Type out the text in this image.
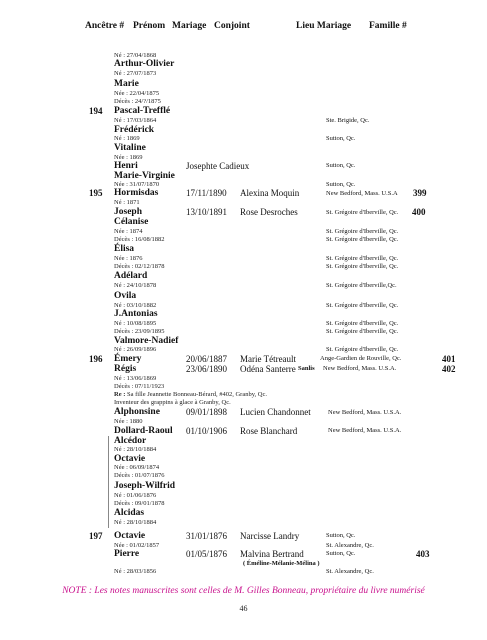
Ancêtre # Prénom Mariage Conjoint	Lieu Mariage Famille #
Né : 27/04/1868
Arthur-Olivier
Né : 27/07/1873
Marie
Née : 22/04/1875
Décès : 24/?/1875
194 Pascal-Trefflé
Né : 17/03/1864	Ste. Brigide, Qc.
Frédérick
Né : 1869	Sutton, Qc.
Vitaline
Née : 1869
Henri	Josephte Cadieux	Sutton, Qc.
Marie-Virginie
Née : 31/07/1870	Sutton, Qc.
195 Hormisdas	17/11/1890 Alexina Moquin	New Bedford, Mass. U.S.A 399
Né : 1871
Joseph	13/10/1891 Rose Desroches	St. Grégoire d'Iberville, Qc. 400
Célanise
Née : 1874	St. Grégoire d'Iberville, Qc.
Décès : 16/08/1882	St. Grégoire d'Iberville, Qc.
Élisa
Née : 1876	St. Grégoire d'Iberville, Qc.
Décès : 02/12/1878	St. Grégoire d'Iberville, Qc.
Adélard
Né : 24/10/1878	St. Grégoire d'Iberville,Qc.
Ovila
Né : 03/10/1882	St. Grégoire d'Iberville, Qc.
J.Antonias
Né : 10/08/1895	St. Grégoire d'Iberville, Qc.
Décès : 23/09/1895	St. Grégoire d'Iberville, Qc.
Valmore-Nadief
Né : 26/09/1896	St. Grégoire d'Iberville, Qc.
196 Émery	20/06/1887 Marie Tétreault	Ange-Gardien de Rouville, Qc.	401
Régis	23/06/1890 Odéna Santerre Sanlis New Bedford, Mass. U.S.A.	402
Né : 13/06/1869
Décès : 07/11/1923
Re : Sa fille Jeannette Bonneau-Bérard, #402, Granby, Qc.
Inventeur des grappins à glace à Granby, Qc.
Alphonsine	09/01/1898 Lucien Chandonnet	New Bedford, Mass. U.S.A.
Née : 1880
Dollard-Raoul 01/10/1906 Rose Blanchard	New Bedford, Mass. U.S.A.
Alcédor
Né : 28/10/1884
Octavie
Née : 06/09/1874
Décès : 01/07/1876
Joseph-Wilfrid
Né : 01/06/1876
Décès : 09/01/1878
Alcidas
Né : 28/10/1884
197 Octavie	31/01/1876 Narcisse Landry	Sutton, Qc.
Née : 01/02/1857	St. Alexandre, Qc.
Pierre	01/05/1876 Malvina Bertrand	Sutton, Qc.	403
( Éméline-Mélanie-Mélina )
Né : 28/03/1856	St. Alexandre, Qc.
NOTE : Les notes manuscrites sont celles de M. Gilles Bonneau, propriétaire du livre numérisé
46
